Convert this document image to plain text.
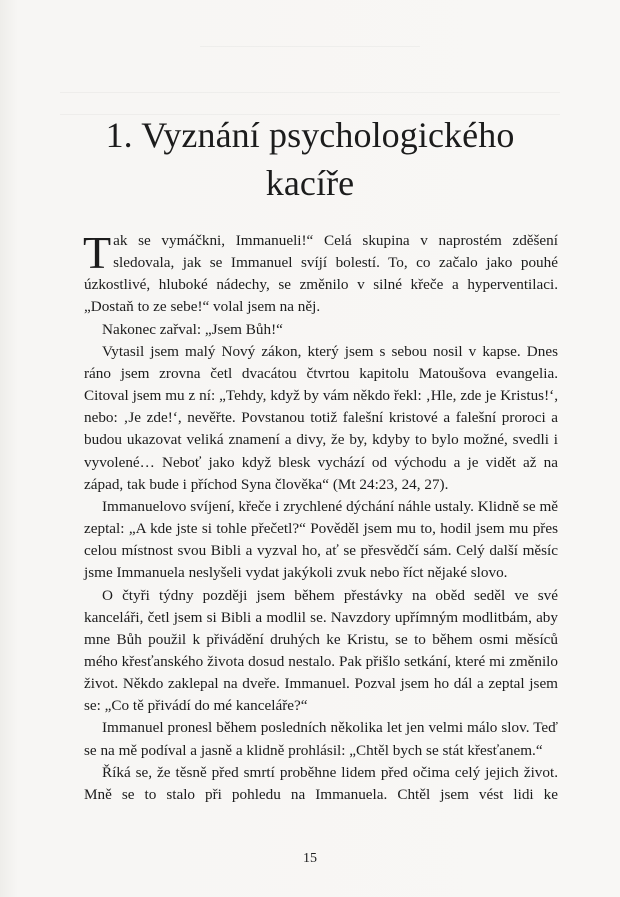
1. Vyznání psychologického
kacíře

Tak se vymáčkni, Immanueli!“ Celá skupina v naprostém zděšení sledovala, jak se Immanuel svíjí bolestí. To, co začalo jako pouhé úzkostlivé, hluboké nádechy, se změnilo v silné křeče a hyperventilaci. „Dostaň to ze sebe!“ volal jsem na něj.

Nakonec zařval: „Jsem Bůh!“

Vytasil jsem malý Nový zákon, který jsem s sebou nosil v kapse. Dnes ráno jsem zrovna četl dvacátou čtvrtou kapitolu Matoušova evangelia. Citoval jsem mu z ní: „Tehdy, když by vám někdo řekl: ‚Hle, zde je Kristus!‘, nebo: ‚Je zde!‘, nevěřte. Povstanou totiž falešní kristové a falešní proroci a budou ukazovat veliká znamení a divy, že by, kdyby to bylo možné, svedli i vyvolené… Neboť jako když blesk vychází od východu a je vidět až na západ, tak bude i příchod Syna člověka“ (Mt 24:23, 24, 27).

Immanuelovo svíjení, křeče i zrychlené dýchání náhle ustaly. Klidně se mě zeptal: „A kde jste si tohle přečetl?“ Pověděl jsem mu to, hodil jsem mu přes celou místnost svou Bibli a vyzval ho, ať se přesvědčí sám. Celý další měsíc jsme Immanuela neslyšeli vydat jakýkoli zvuk nebo říct nějaké slovo.

O čtyři týdny později jsem během přestávky na oběd seděl ve své kanceláři, četl jsem si Bibli a modlil se. Navzdory upřímným modlitbám, aby mne Bůh použil k přivádění druhých ke Kristu, se to během osmi měsíců mého křesťanského života dosud nestalo. Pak přišlo setkání, které mi změnilo život. Někdo zaklepal na dveře. Immanuel. Pozval jsem ho dál a zeptal jsem se: „Co tě přivádí do mé kanceláře?“

Immanuel pronesl během posledních několika let jen velmi málo slov. Teď se na mě podíval a jasně a klidně prohlásil: „Chtěl bych se stát křesťanem.“

Říká se, že těsně před smrtí proběhne lidem před očima celý jejich život. Mně se to stalo při pohledu na Immanuela. Chtěl jsem vést lidi ke

15
